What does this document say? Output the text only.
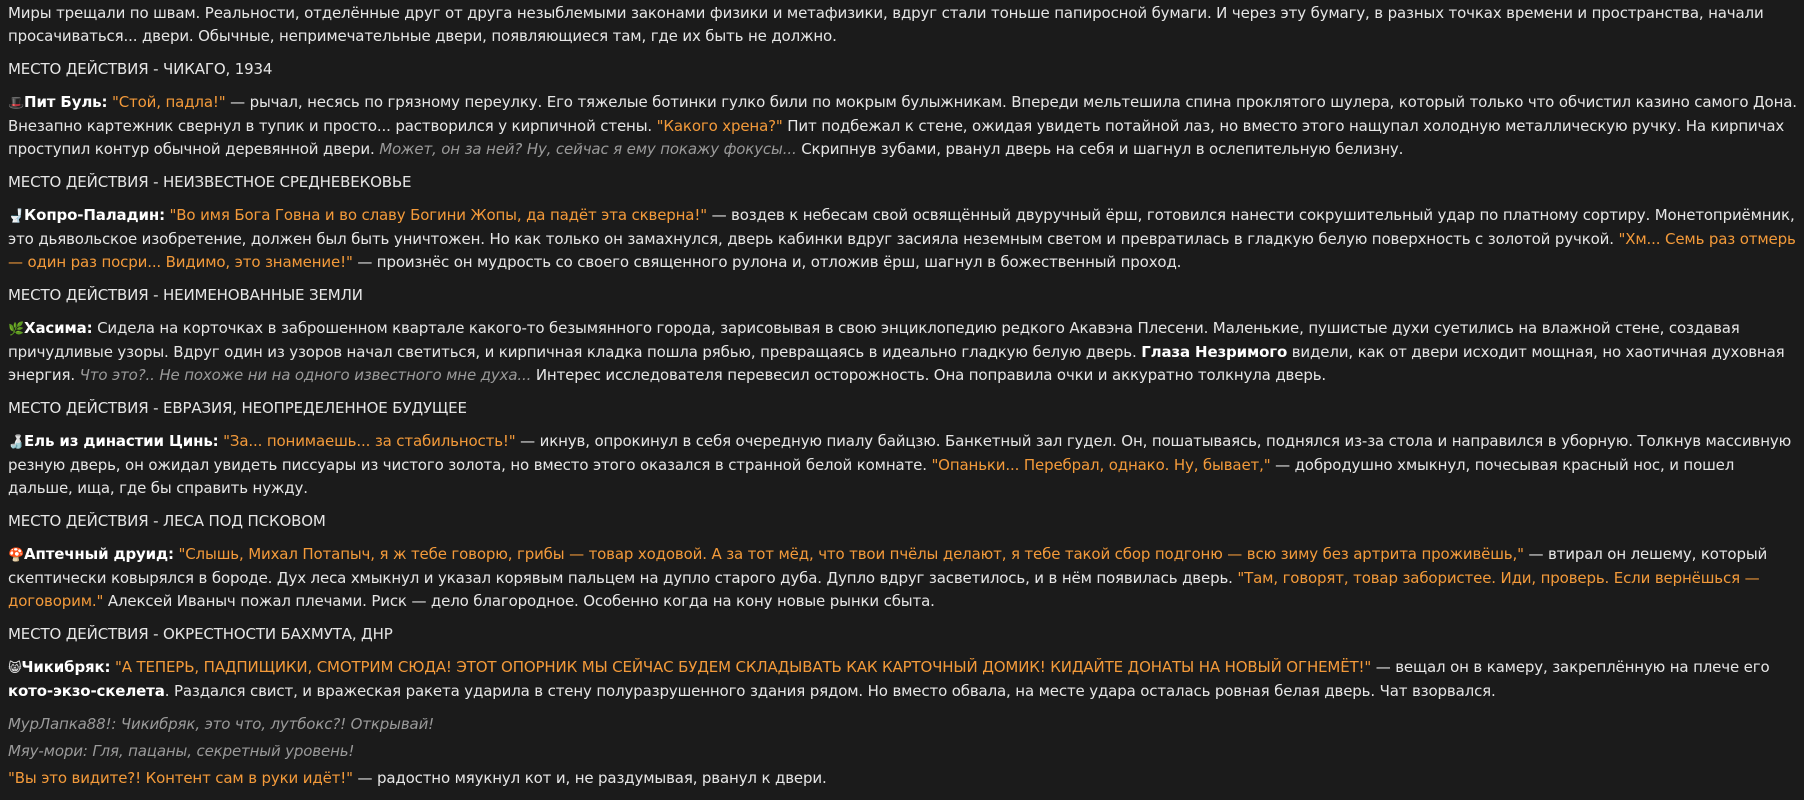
Миры трещали по швам. Реальности, отделённые друг от друга незыблемыми законами физики и метафизики, вдруг стали тоньше папиросной бумаги. И через эту бумагу, в разных точках времени и пространства, начали просачиваться... двери. Обычные, непримечательные двери, появляющиеся там, где их быть не должно.

МЕСТО ДЕЙСТВИЯ - ЧИКАГО, 1934

🎩Пит Буль: "Стой, падла!" — рычал, несясь по грязному переулку. Его тяжелые ботинки гулко били по мокрым булыжникам. Впереди мельтешила спина проклятого шулера, который только что обчистил казино самого Дона. Внезапно картежник свернул в тупик и просто... растворился у кирпичной стены. "Какого хрена?" Пит подбежал к стене, ожидая увидеть потайной лаз, но вместо этого нащупал холодную металлическую ручку. На кирпичах проступил контур обычной деревянной двери. Может, он за ней? Ну, сейчас я ему покажу фокусы... Скрипнув зубами, рванул дверь на себя и шагнул в ослепительную белизну.

МЕСТО ДЕЙСТВИЯ - НЕИЗВЕСТНОЕ СРЕДНЕВЕКОВЬЕ

🚽Копро-Паладин: "Во имя Бога Говна и во славу Богини Жопы, да падёт эта скверна!" — воздев к небесам свой освящённый двуручный ёрш, готовился нанести сокрушительный удар по платному сортиру. Монетоприёмник, это дьявольское изобретение, должен был быть уничтожен. Но как только он замахнулся, дверь кабинки вдруг засияла неземным светом и превратилась в гладкую белую поверхность с золотой ручкой. "Хм... Семь раз отмерь — один раз посри... Видимо, это знамение!" — произнёс он мудрость со своего священного рулона и, отложив ёрш, шагнул в божественный проход.

МЕСТО ДЕЙСТВИЯ - НЕИМЕНОВАННЫЕ ЗЕМЛИ

🌿Хасима: Сидела на корточках в заброшенном квартале какого-то безымянного города, зарисовывая в свою энциклопедию редкого Акавэна Плесени. Маленькие, пушистые духи суетились на влажной стене, создавая причудливые узоры. Вдруг один из узоров начал светиться, и кирпичная кладка пошла рябью, превращаясь в идеально гладкую белую дверь. Глаза Незримого видели, как от двери исходит мощная, но хаотичная духовная энергия. Что это?.. Не похоже ни на одного известного мне духа... Интерес исследователя перевесил осторожность. Она поправила очки и аккуратно толкнула дверь.

МЕСТО ДЕЙСТВИЯ - ЕВРАЗИЯ, НЕОПРЕДЕЛЕННОЕ БУДУЩЕЕ

🍶Ель из династии Цинь: "За... понимаешь... за стабильность!" — икнув, опрокинул в себя очередную пиалу байцзю. Банкетный зал гудел. Он, пошатываясь, поднялся из-за стола и направился в уборную. Толкнув массивную резную дверь, он ожидал увидеть писсуары из чистого золота, но вместо этого оказался в странной белой комнате. "Опаньки... Перебрал, однако. Ну, бывает," — добродушно хмыкнул, почесывая красный нос, и пошел дальше, ища, где бы справить нужду.

МЕСТО ДЕЙСТВИЯ - ЛЕСА ПОД ПСКОВОМ

🍄Аптечный друид: "Слышь, Михал Потапыч, я ж тебе говорю, грибы — товар ходовой. А за тот мёд, что твои пчёлы делают, я тебе такой сбор подгоню — всю зиму без артрита проживёшь," — втирал он лешему, который скептически ковырялся в бороде. Дух леса хмыкнул и указал корявым пальцем на дупло старого дуба. Дупло вдруг засветилось, и в нём появилась дверь. "Там, говорят, товар забористее. Иди, проверь. Если вернёшься — договорим." Алексей Иваныч пожал плечами. Риск — дело благородное. Особенно когда на кону новые рынки сбыта.

МЕСТО ДЕЙСТВИЯ - ОКРЕСТНОСТИ БАХМУТА, ДНР

😸Чикибряк: "А ТЕПЕРЬ, ПАДПИЩИКИ, СМОТРИМ СЮДА! ЭТОТ ОПОРНИК МЫ СЕЙЧАС БУДЕМ СКЛАДЫВАТЬ КАК КАРТОЧНЫЙ ДОМИК! КИДАЙТЕ ДОНАТЫ НА НОВЫЙ ОГНЕМЁТ!" — вещал он в камеру, закреплённую на плече его кото-экзо-скелета. Раздался свист, и вражеская ракета ударила в стену полуразрушенного здания рядом. Но вместо обвала, на месте удара осталась ровная белая дверь. Чат взорвался.

МурЛапка88!: Чикибряк, это что, лутбокс?! Открывай!

Мяу-мори: Гля, пацаны, секретный уровень!

"Вы это видите?! Контент сам в руки идёт!" — радостно мяукнул кот и, не раздумывая, рванул к двери.
